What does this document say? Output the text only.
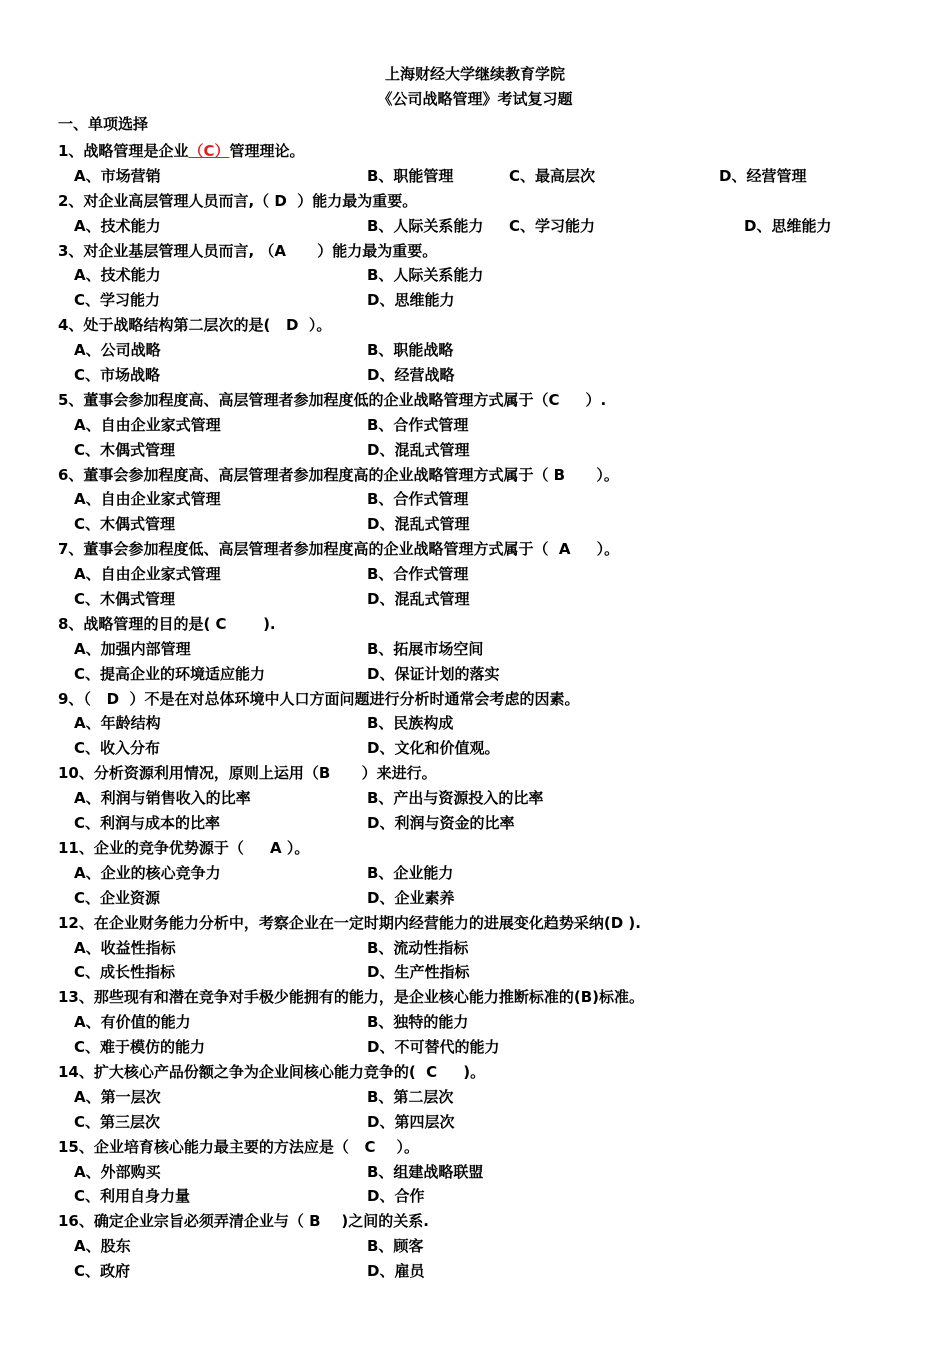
上海财经大学继续教育学院
《公司战略管理》考试复习题
一、单项选择
1、战略管理是企业（C）管理理论。

A、市场营销

	B、职能管理

	C、最高层次

	D、经营管理

2、对企业高层管理人员而言,（ D  ）能力最为重要。

A、技术能力

	B、人际关系能力

C、学习能力

	D、思维能力

3、对企业基层管理人员而言, （A      ）能力最为重要。

A、技术能力

	B、人际关系能力

C、学习能力

	D、思维能力

4、处于战略结构第二层次的是(   D  ）。

A、公司战略

	B、职能战略

C、市场战略

	D、经营战略

5、董事会参加程度高、高层管理者参加程度低的企业战略管理方式属于（C     ）.

A、自由企业家式管理

	B、合作式管理

C、木偶式管理

	D、混乱式管理

6、董事会参加程度高、高层管理者参加程度高的企业战略管理方式属于（ B      ）。

A、自由企业家式管理

	B、合作式管理

C、木偶式管理

	D、混乱式管理

7、董事会参加程度低、高层管理者参加程度高的企业战略管理方式属于（  A     ）。

A、自由企业家式管理

	B、合作式管理

C、木偶式管理

	D、混乱式管理

8、战略管理的目的是( C       ).

A、加强内部管理

	B、拓展市场空间

C、提高企业的环境适应能力

	D、保证计划的落实

9、（   D  ）不是在对总体环境中人口方面问题进行分析时通常会考虑的因素。

A、年龄结构

	B、民族构成

C、收入分布

	D、文化和价值观。

10、分析资源利用情况，原则上运用（B      ）来进行。

A、利润与销售收入的比率

	B、产出与资源投入的比率

C、利润与成本的比率

	D、利润与资金的比率

11、企业的竞争优势源于（     A ）。

A、企业的核心竞争力

	B、企业能力

C、企业资源

	D、企业素养

12、在企业财务能力分析中，考察企业在一定时期内经营能力的进展变化趋势采纳(D ).

A、收益性指标

	B、流动性指标

C、成长性指标

	D、生产性指标

13、那些现有和潜在竞争对手极少能拥有的能力，是企业核心能力推断标准的(B)标准。

A、有价值的能力

	B、独特的能力

C、难于模仿的能力

	D、不可替代的能力

14、扩大核心产品份额之争为企业间核心能力竞争的(  C     )。

A、第一层次

	B、第二层次

C、第三层次

	D、第四层次

15、企业培育核心能力最主要的方法应是（   C    ）。

A、外部购买

	B、组建战略联盟

C、利用自身力量

	D、合作

16、确定企业宗旨必须弄清企业与（ B    )之间的关系.

A、股东

	B、顾客

C、政府

	D、雇员
